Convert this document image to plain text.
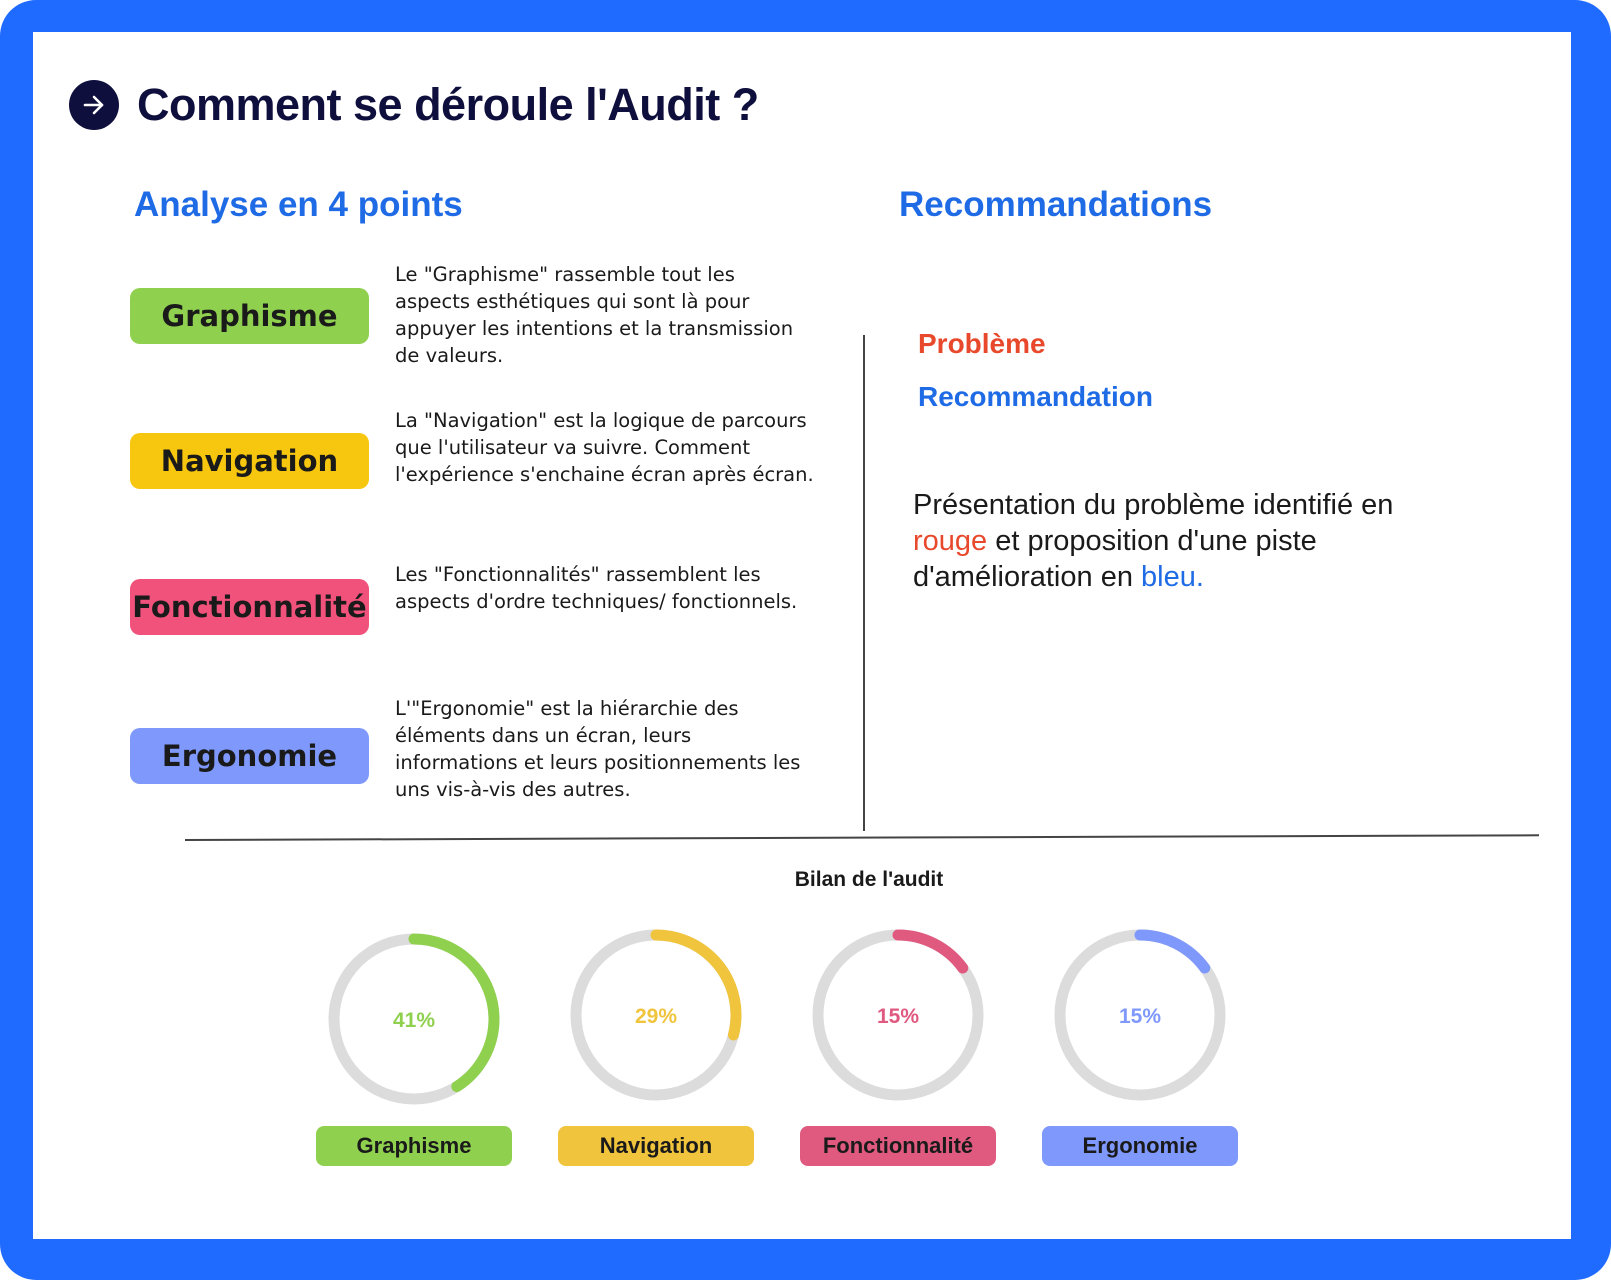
Comment se déroule l'Audit ?
Analyse en 4 points	Recommandations
Graphisme
Le "Graphisme" rassemble tout les aspects esthétiques qui sont là pour appuyer les intentions et la transmission de valeurs.
Navigation
La "Navigation" est la logique de parcours que l'utilisateur va suivre. Comment l'expérience s'enchaine écran après écran.
Fonctionnalité
Les "Fonctionnalités" rassemblent les aspects d'ordre techniques/ fonctionnels.
Ergonomie
L'"Ergonomie" est la hiérarchie des éléments dans un écran, leurs informations et leurs positionnements les uns vis-à-vis des autres.
Problème
Recommandation
Présentation du problème identifié en rouge et proposition d'une piste d'amélioration en bleu.
Bilan de l'audit
41%
Graphisme
29%
Navigation
15%
Fonctionnalité
15%
Ergonomie
